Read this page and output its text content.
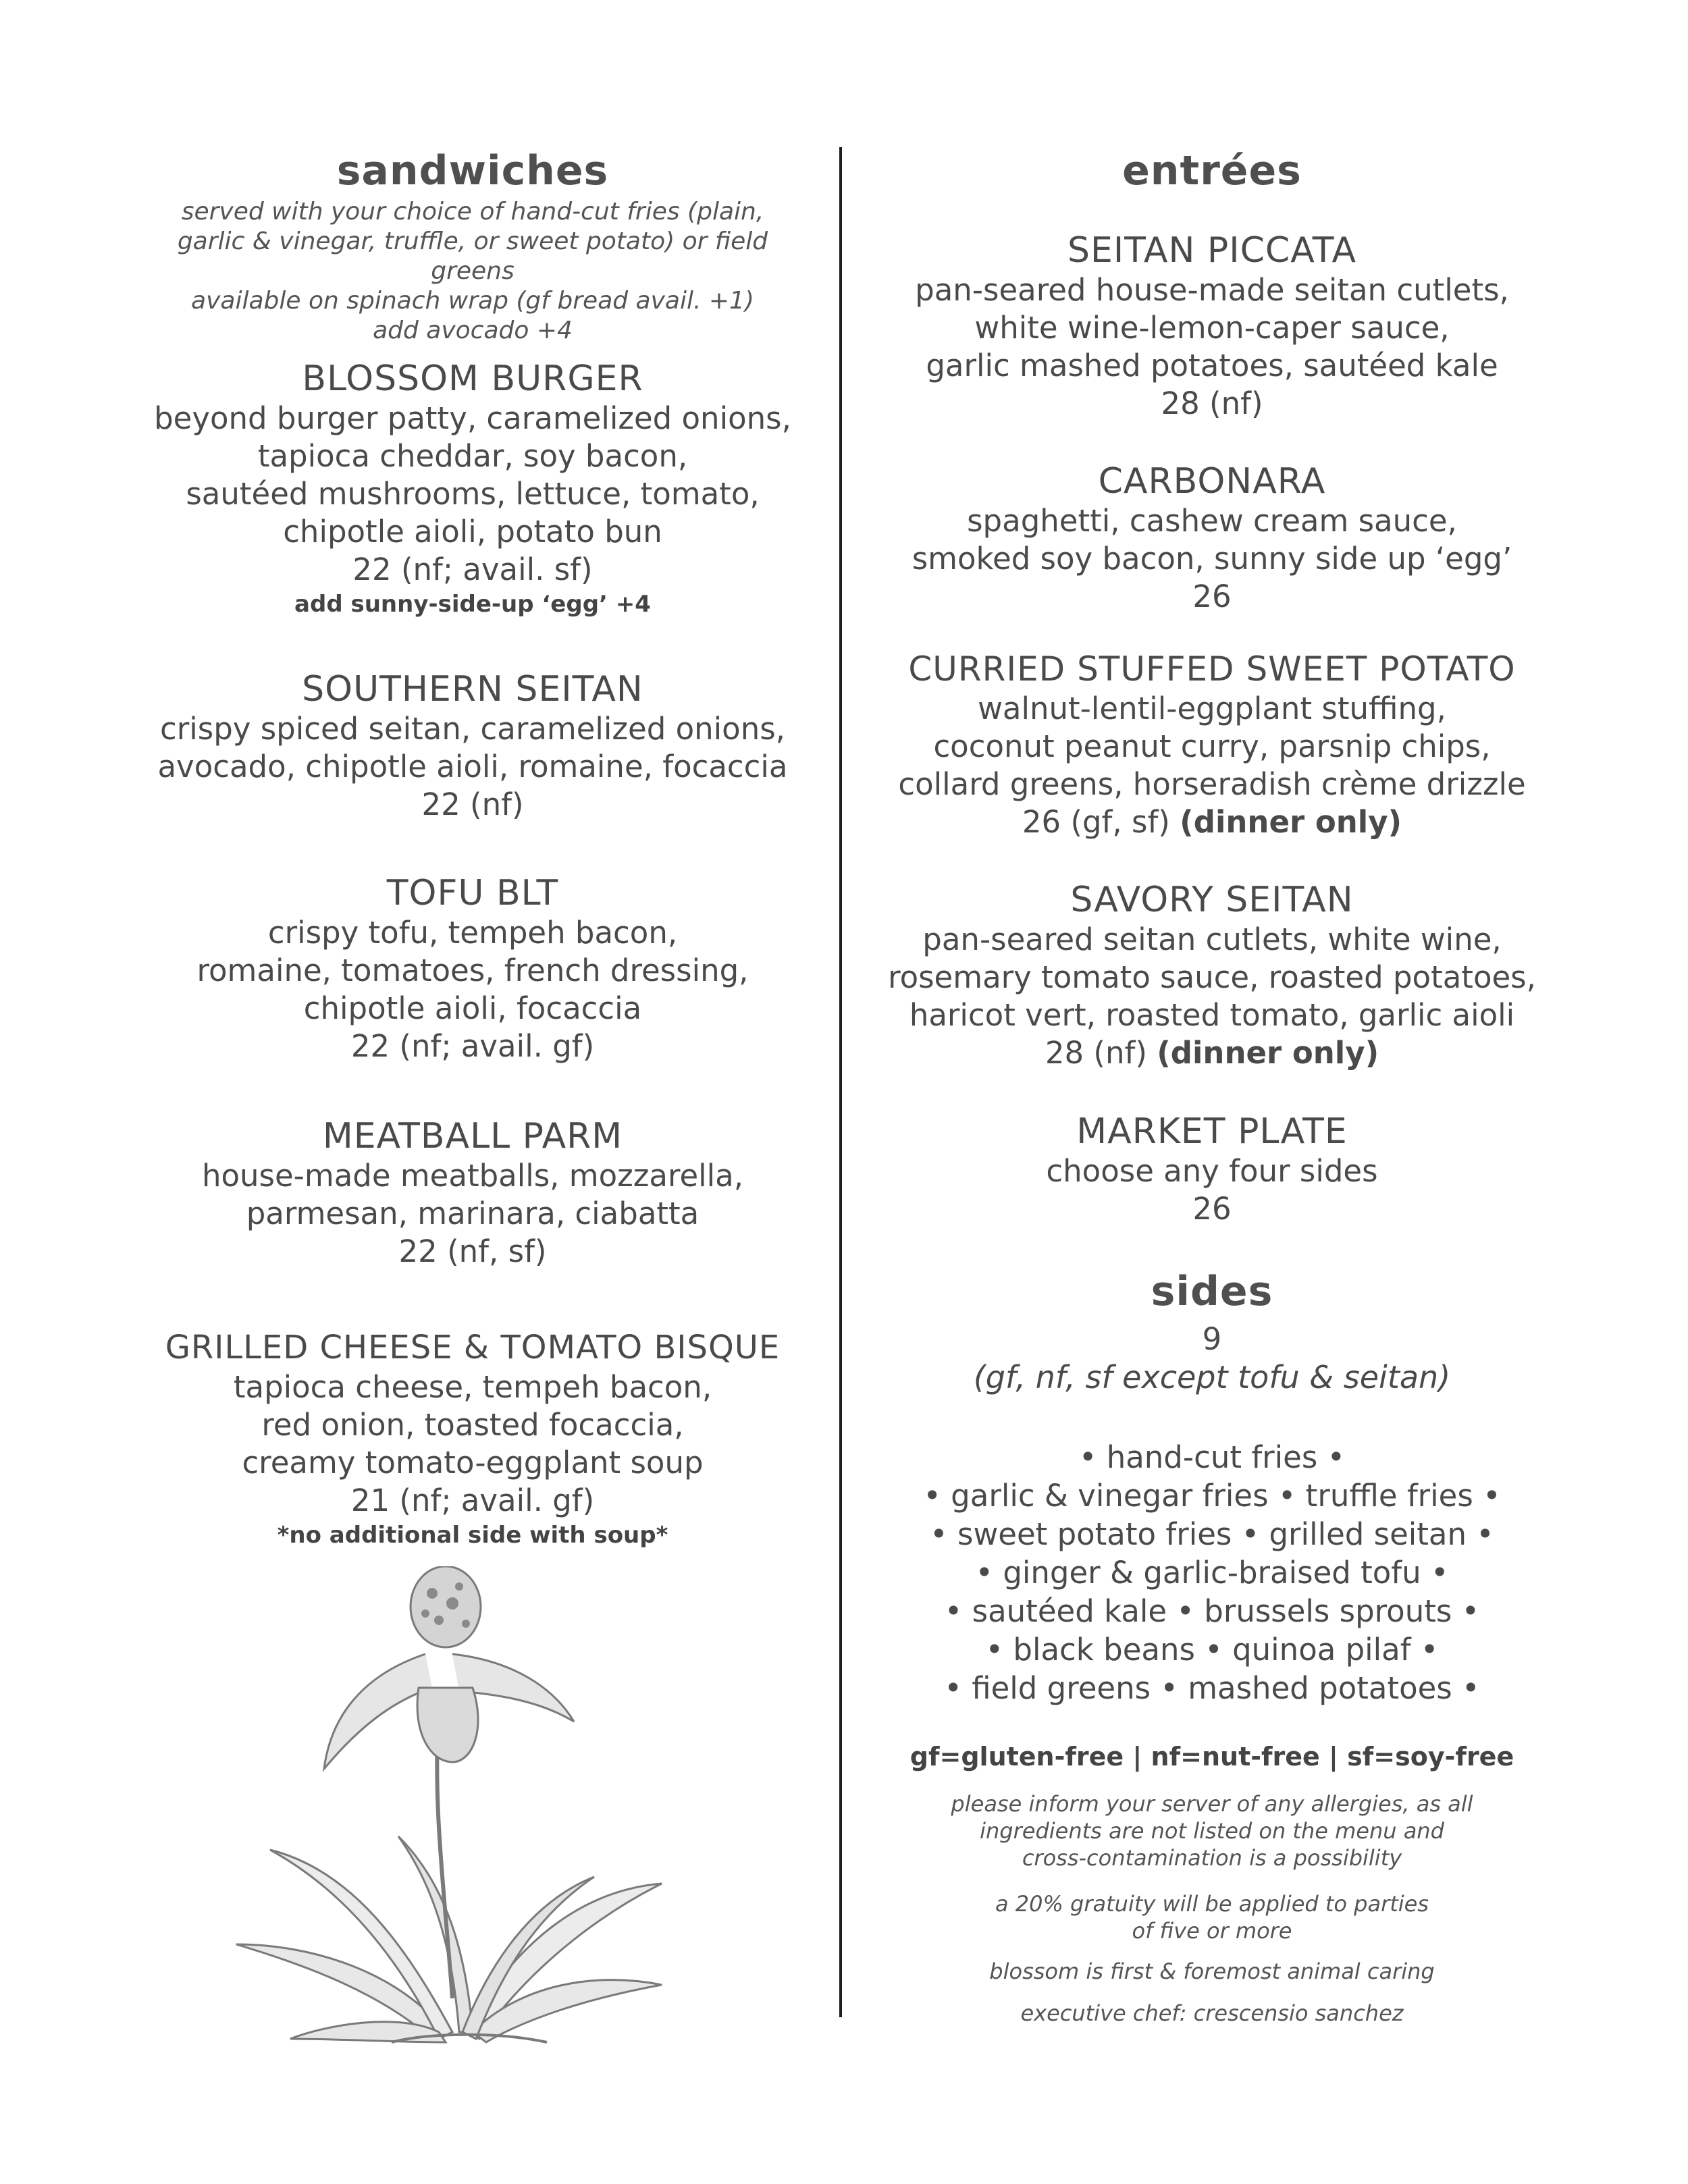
sandwiches
served with your choice of hand-cut fries (plain,
garlic & vinegar, truffle, or sweet potato) or field greens
available on spinach wrap (gf bread avail. +1)
add avocado +4
BLOSSOM BURGER
beyond burger patty, caramelized onions,
tapioca cheddar, soy bacon,
sautéed mushrooms, lettuce, tomato,
chipotle aioli, potato bun
22 (nf; avail. sf)
add sunny-side-up ‘egg’ +4
SOUTHERN SEITAN
crispy spiced seitan, caramelized onions,
avocado, chipotle aioli, romaine, focaccia
22 (nf)
TOFU BLT
crispy tofu, tempeh bacon,
romaine, tomatoes, french dressing,
chipotle aioli, focaccia
22 (nf; avail. gf)
MEATBALL PARM
house-made meatballs, mozzarella,
parmesan, marinara, ciabatta
22 (nf, sf)
GRILLED CHEESE & TOMATO BISQUE
tapioca cheese, tempeh bacon,
red onion, toasted focaccia,
creamy tomato-eggplant soup
21 (nf; avail. gf)
*no additional side with soup*
entrées
SEITAN PICCATA
pan-seared house-made seitan cutlets,
white wine-lemon-caper sauce,
garlic mashed potatoes, sautéed kale
28 (nf)
CARBONARA
spaghetti, cashew cream sauce,
smoked soy bacon, sunny side up ‘egg’
26
CURRIED STUFFED SWEET POTATO
walnut-lentil-eggplant stuffing,
coconut peanut curry, parsnip chips,
collard greens, horseradish crème drizzle
26 (gf, sf) (dinner only)
SAVORY SEITAN
pan-seared seitan cutlets, white wine,
rosemary tomato sauce, roasted potatoes,
haricot vert, roasted tomato, garlic aioli
28 (nf) (dinner only)
MARKET PLATE
choose any four sides
26
sides
9
(gf, nf, sf except tofu & seitan)
• hand-cut fries •
• garlic & vinegar fries • truffle fries •
• sweet potato fries • grilled seitan •
• ginger & garlic-braised tofu •
• sautéed kale • brussels sprouts •
• black beans • quinoa pilaf •
• field greens • mashed potatoes •
gf=gluten-free | nf=nut-free | sf=soy-free
please inform your server of any allergies, as all
ingredients are not listed on the menu and
cross-contamination is a possibility
a 20% gratuity will be applied to parties
of five or more
blossom is first & foremost animal caring
executive chef: crescensio sanchez
